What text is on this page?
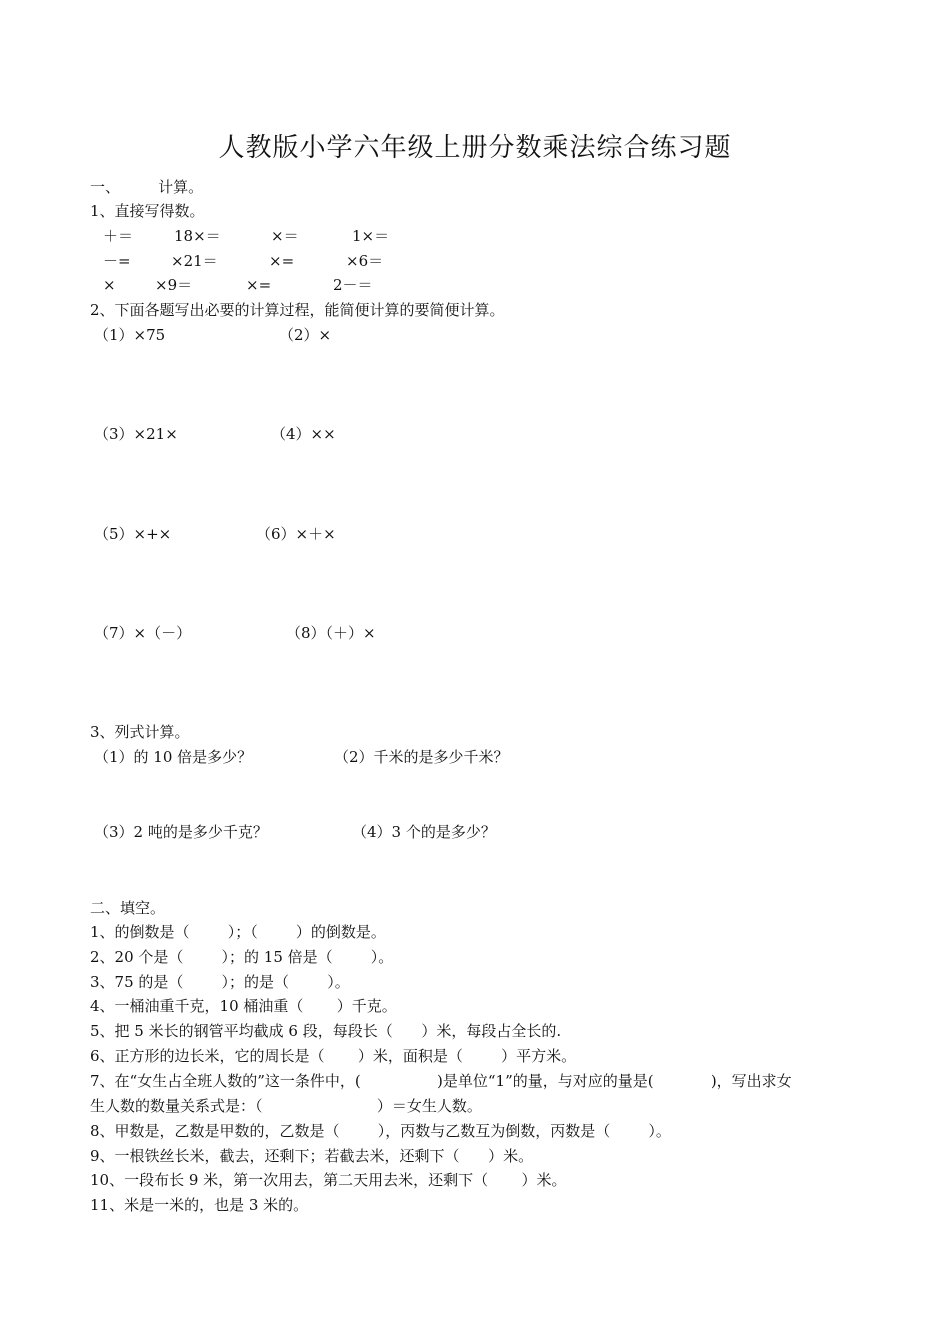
人教版小学六年级上册分数乘法综合练习题
一、        计算。
1、直接写得数。
＋＝	18×＝	×＝	1×＝
－=	×21＝	×=	×6＝
×	×9＝	×=	2－＝
2、下面各题写出必要的计算过程，能简便计算的要简便计算。
（1）×75	（2）×
（3）×21×	（4）××
（5）×+×	（6）×＋×
（7）×（－）	（8）（＋）×
3、列式计算。
（1）的 10 倍是多少？	（2）千米的是多少千米？
（3）2 吨的是多少千克？	（4）3 个的是多少？
二、填空。
1、的倒数是（        ）；（        ）的倒数是。
2、20 个是（        ）；的 15 倍是（        ）。
3、75 的是（        ）；的是（        ）。
4、一桶油重千克，10 桶油重（       ）千克。
5、把 5 米长的钢管平均截成 6 段，每段长（      ）米，每段占全长的.
6、正方形的边长米，它的周长是（       ）米，面积是（        ）平方米。
7、在“女生占全班人数的”这一条件中，(                )是单位“1”的量，与对应的量是(            )，写出求女
生人数的数量关系式是：（                        ）＝女生人数。
8、甲数是，乙数是甲数的，乙数是（        ），丙数与乙数互为倒数，丙数是（        ）。
9、一根铁丝长米，截去，还剩下；若截去米，还剩下（      ）米。
10、一段布长 9 米，第一次用去，第二天用去米，还剩下（       ）米。
11、米是一米的，也是 3 米的。
